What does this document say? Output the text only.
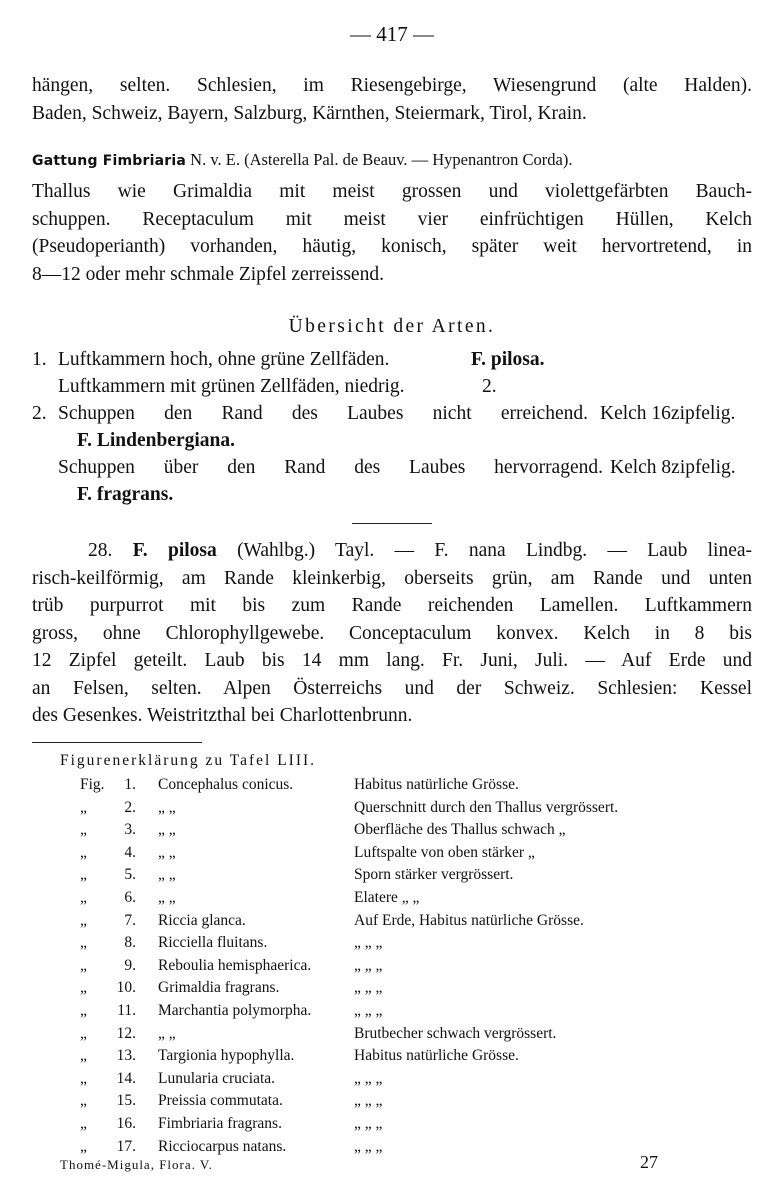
— 417 —
hängen, selten. Schlesien, im Riesengebirge, Wiesengrund (alte Halden).
Baden, Schweiz, Bayern, Salzburg, Kärnthen, Steiermark, Tirol, Krain.
Gattung Fimbriaria N. v. E. (Asterella Pal. de Beauv. — Hypenantron Corda).
Thallus wie Grimaldia mit meist grossen und violettgefärbten Bauch-
schuppen. Receptaculum mit meist vier einfrüchtigen Hüllen, Kelch
(Pseudoperianth) vorhanden, häutig, konisch, später weit hervortretend, in
8—12 oder mehr schmale Zipfel zerreissend.
Übersicht der Arten.
1. Luftkammern hoch, ohne grüne Zellfäden.	F. pilosa.
Luftkammern mit grünen Zellfäden, niedrig.	2.
2. Schuppen den Rand des Laubes nicht erreichend. Kelch 16zipfelig.
F. Lindenbergiana.
Schuppen über den Rand des Laubes hervorragend. Kelch 8zipfelig.
F. fragrans.
28. F. pilosa (Wahlbg.) Tayl. — F. nana Lindbg. — Laub linea-
risch-keilförmig, am Rande kleinkerbig, oberseits grün, am Rande und unten
trüb purpurrot mit bis zum Rande reichenden Lamellen. Luftkammern
gross, ohne Chlorophyllgewebe. Conceptaculum konvex. Kelch in 8 bis
12 Zipfel geteilt. Laub bis 14 mm lang. Fr. Juni, Juli. — Auf Erde und
an Felsen, selten. Alpen Österreichs und der Schweiz. Schlesien: Kessel
des Gesenkes. Weistritzthal bei Charlottenbrunn.
Figurenerklärung zu Tafel LIII.
Fig.	1. Concephalus conicus.	Habitus natürliche Grösse.
„	2. „ „	Querschnitt durch den Thallus vergrössert.
„	3. „ „	Oberfläche des Thallus schwach „
„	4. „ „	Luftspalte von oben stärker „
„	5. „ „	Sporn stärker vergrössert.
„	6. „ „	Elatere „ „
„	7. Riccia glanca.	Auf Erde, Habitus natürliche Grösse.
„	8. Ricciella fluitans.	„ „ „
„	9. Reboulia hemisphaerica.	„ „ „
„	10. Grimaldia fragrans.	„ „ „
„	11. Marchantia polymorpha.	„ „ „
„	12. „ „	Brutbecher schwach vergrössert.
„	13. Targionia hypophylla.	Habitus natürliche Grösse.
„	14. Lunularia cruciata.	„ „ „
„	15. Preissia commutata.	„ „ „
„	16. Fimbriaria fragrans.	„ „ „
„	17. Ricciocarpus natans.	„ „ „
Thomé-Migula, Flora. V.	27
